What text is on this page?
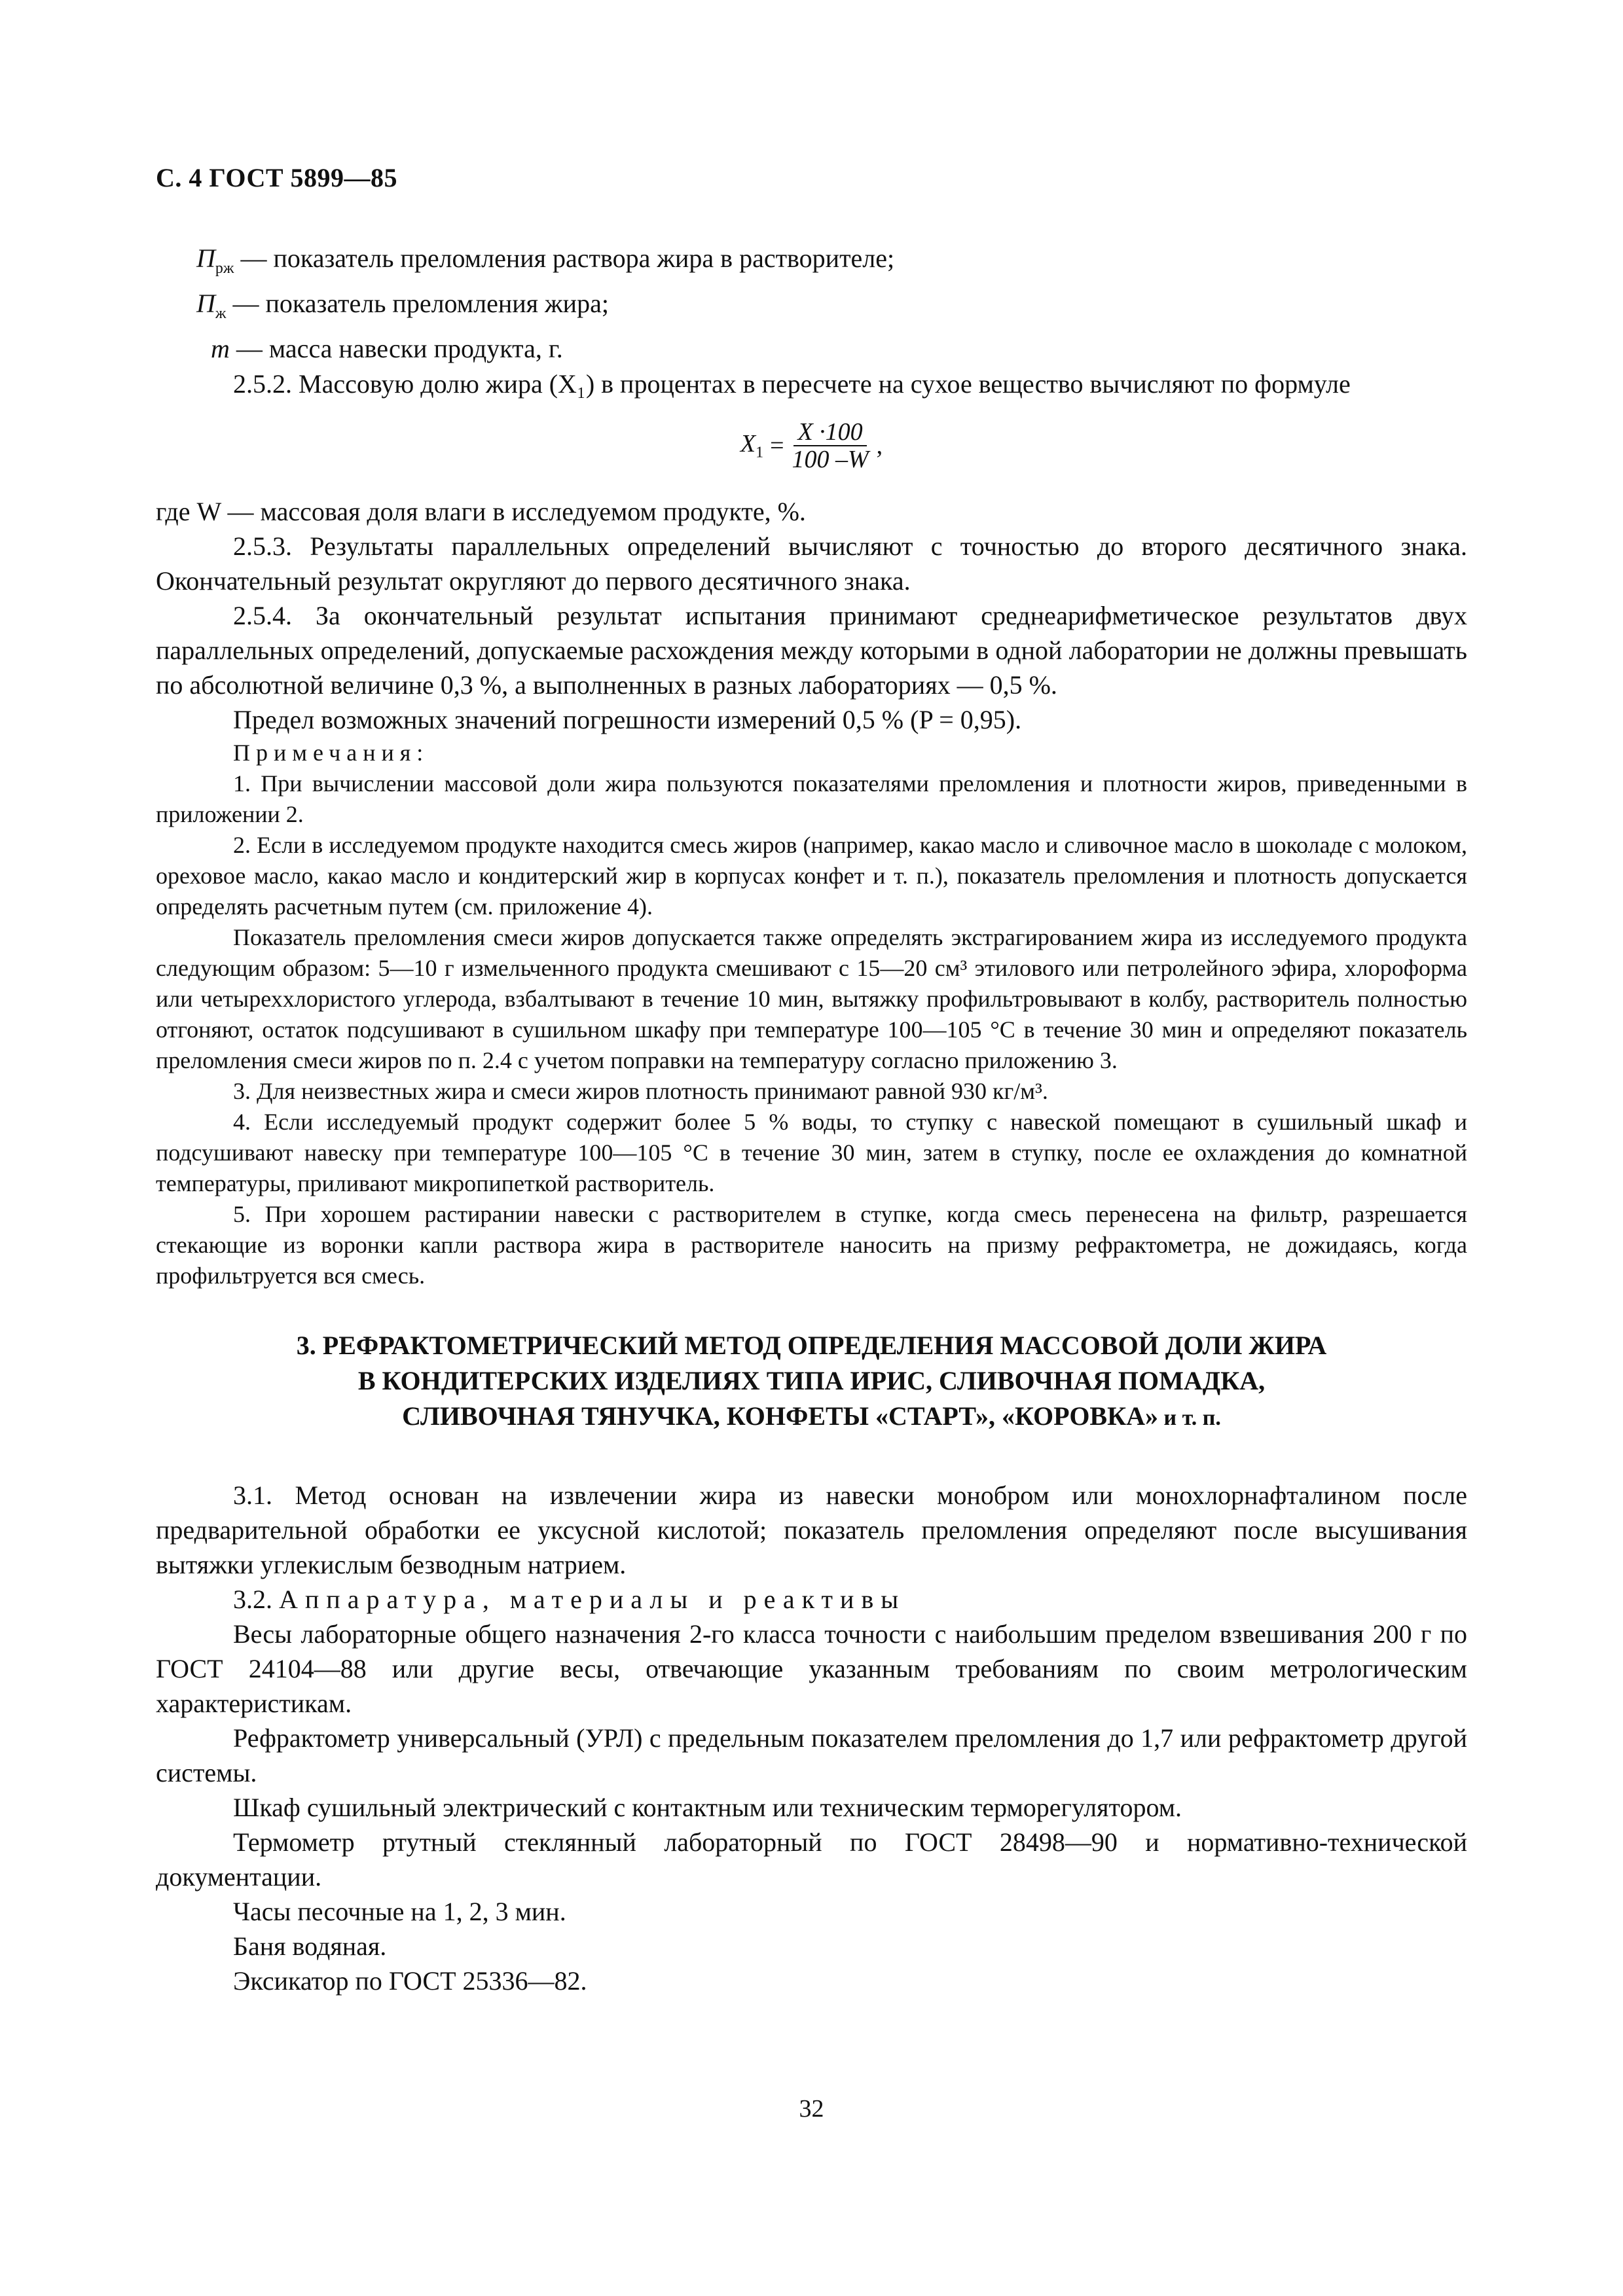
С. 4 ГОСТ 5899—85
$П_{рж}$ — показатель преломления раствора жира в растворителе;
$П_ж$ — показатель преломления жира;
m — масса навески продукта, г.

2.5.2. Массовую долю жира (X₁) в процентах в пересчете на сухое вещество вычисляют по формуле

$X_1 = \frac{X \cdot 100}{100 -W}$ ,

где W — массовая доля влаги в исследуемом продукте, %.

2.5.3. Результаты параллельных определений вычисляют с точностью до второго десятичного знака. Окончательный результат округляют до первого десятичного знака.

2.5.4. За окончательный результат испытания принимают среднеарифметическое результатов двух параллельных определений, допускаемые расхождения между которыми в одной лаборатории не должны превышать по абсолютной величине 0,3 %, а выполненных в разных лабораториях — 0,5 %.

Предел возможных значений погрешности измерений 0,5 % (P = 0,95).

Примечания:

1. При вычислении массовой доли жира пользуются показателями преломления и плотности жиров, приведенными в приложении 2.

2. Если в исследуемом продукте находится смесь жиров (например, какао масло и сливочное масло в шоколаде с молоком, ореховое масло, какао масло и кондитерский жир в корпусах конфет и т. п.), показатель преломления и плотность допускается определять расчетным путем (см. приложение 4).

Показатель преломления смеси жиров допускается также определять экстрагированием жира из исследуемого продукта следующим образом: 5—10 г измельченного продукта смешивают с 15—20 см³ этилового или петролейного эфира, хлороформа или четыреххлористого углерода, взбалтывают в течение 10 мин, вытяжку профильтровывают в колбу, растворитель полностью отгоняют, остаток подсушивают в сушильном шкафу при температуре 100—105 °С в течение 30 мин и определяют показатель преломления смеси жиров по п. 2.4 с учетом поправки на температуру согласно приложению 3.

3. Для неизвестных жира и смеси жиров плотность принимают равной 930 кг/м³.

4. Если исследуемый продукт содержит более 5 % воды, то ступку с навеской помещают в сушильный шкаф и подсушивают навеску при температуре 100—105 °С в течение 30 мин, затем в ступку, после ее охлаждения до комнатной температуры, приливают микропипеткой растворитель.

5. При хорошем растирании навески с растворителем в ступке, когда смесь перенесена на фильтр, разрешается стекающие из воронки капли раствора жира в растворителе наносить на призму рефрактометра, не дожидаясь, когда профильтруется вся смесь.

3. РЕФРАКТОМЕТРИЧЕСКИЙ МЕТОД ОПРЕДЕЛЕНИЯ МАССОВОЙ ДОЛИ ЖИРА
В КОНДИТЕРСКИХ ИЗДЕЛИЯХ ТИПА ИРИС, СЛИВОЧНАЯ ПОМАДКА,
СЛИВОЧНАЯ ТЯНУЧКА, КОНФЕТЫ «СТАРТ», «КОРОВКА» и т. п.

3.1. Метод основан на извлечении жира из навески монобром или монохлорнафталином после предварительной обработки ее уксусной кислотой; показатель преломления определяют после высушивания вытяжки углекислым безводным натрием.

3.2. Аппаратура, материалы и реактивы

Весы лабораторные общего назначения 2-го класса точности с наибольшим пределом взвешивания 200 г по ГОСТ 24104—88 или другие весы, отвечающие указанным требованиям по своим метрологическим характеристикам.

Рефрактометр универсальный (УРЛ) с предельным показателем преломления до 1,7 или рефрактометр другой системы.

Шкаф сушильный электрический с контактным или техническим терморегулятором.

Термометр ртутный стеклянный лабораторный по ГОСТ 28498—90 и нормативно-технической документации.

Часы песочные на 1, 2, 3 мин.

Баня водяная.

Эксикатор по ГОСТ 25336—82.

32
